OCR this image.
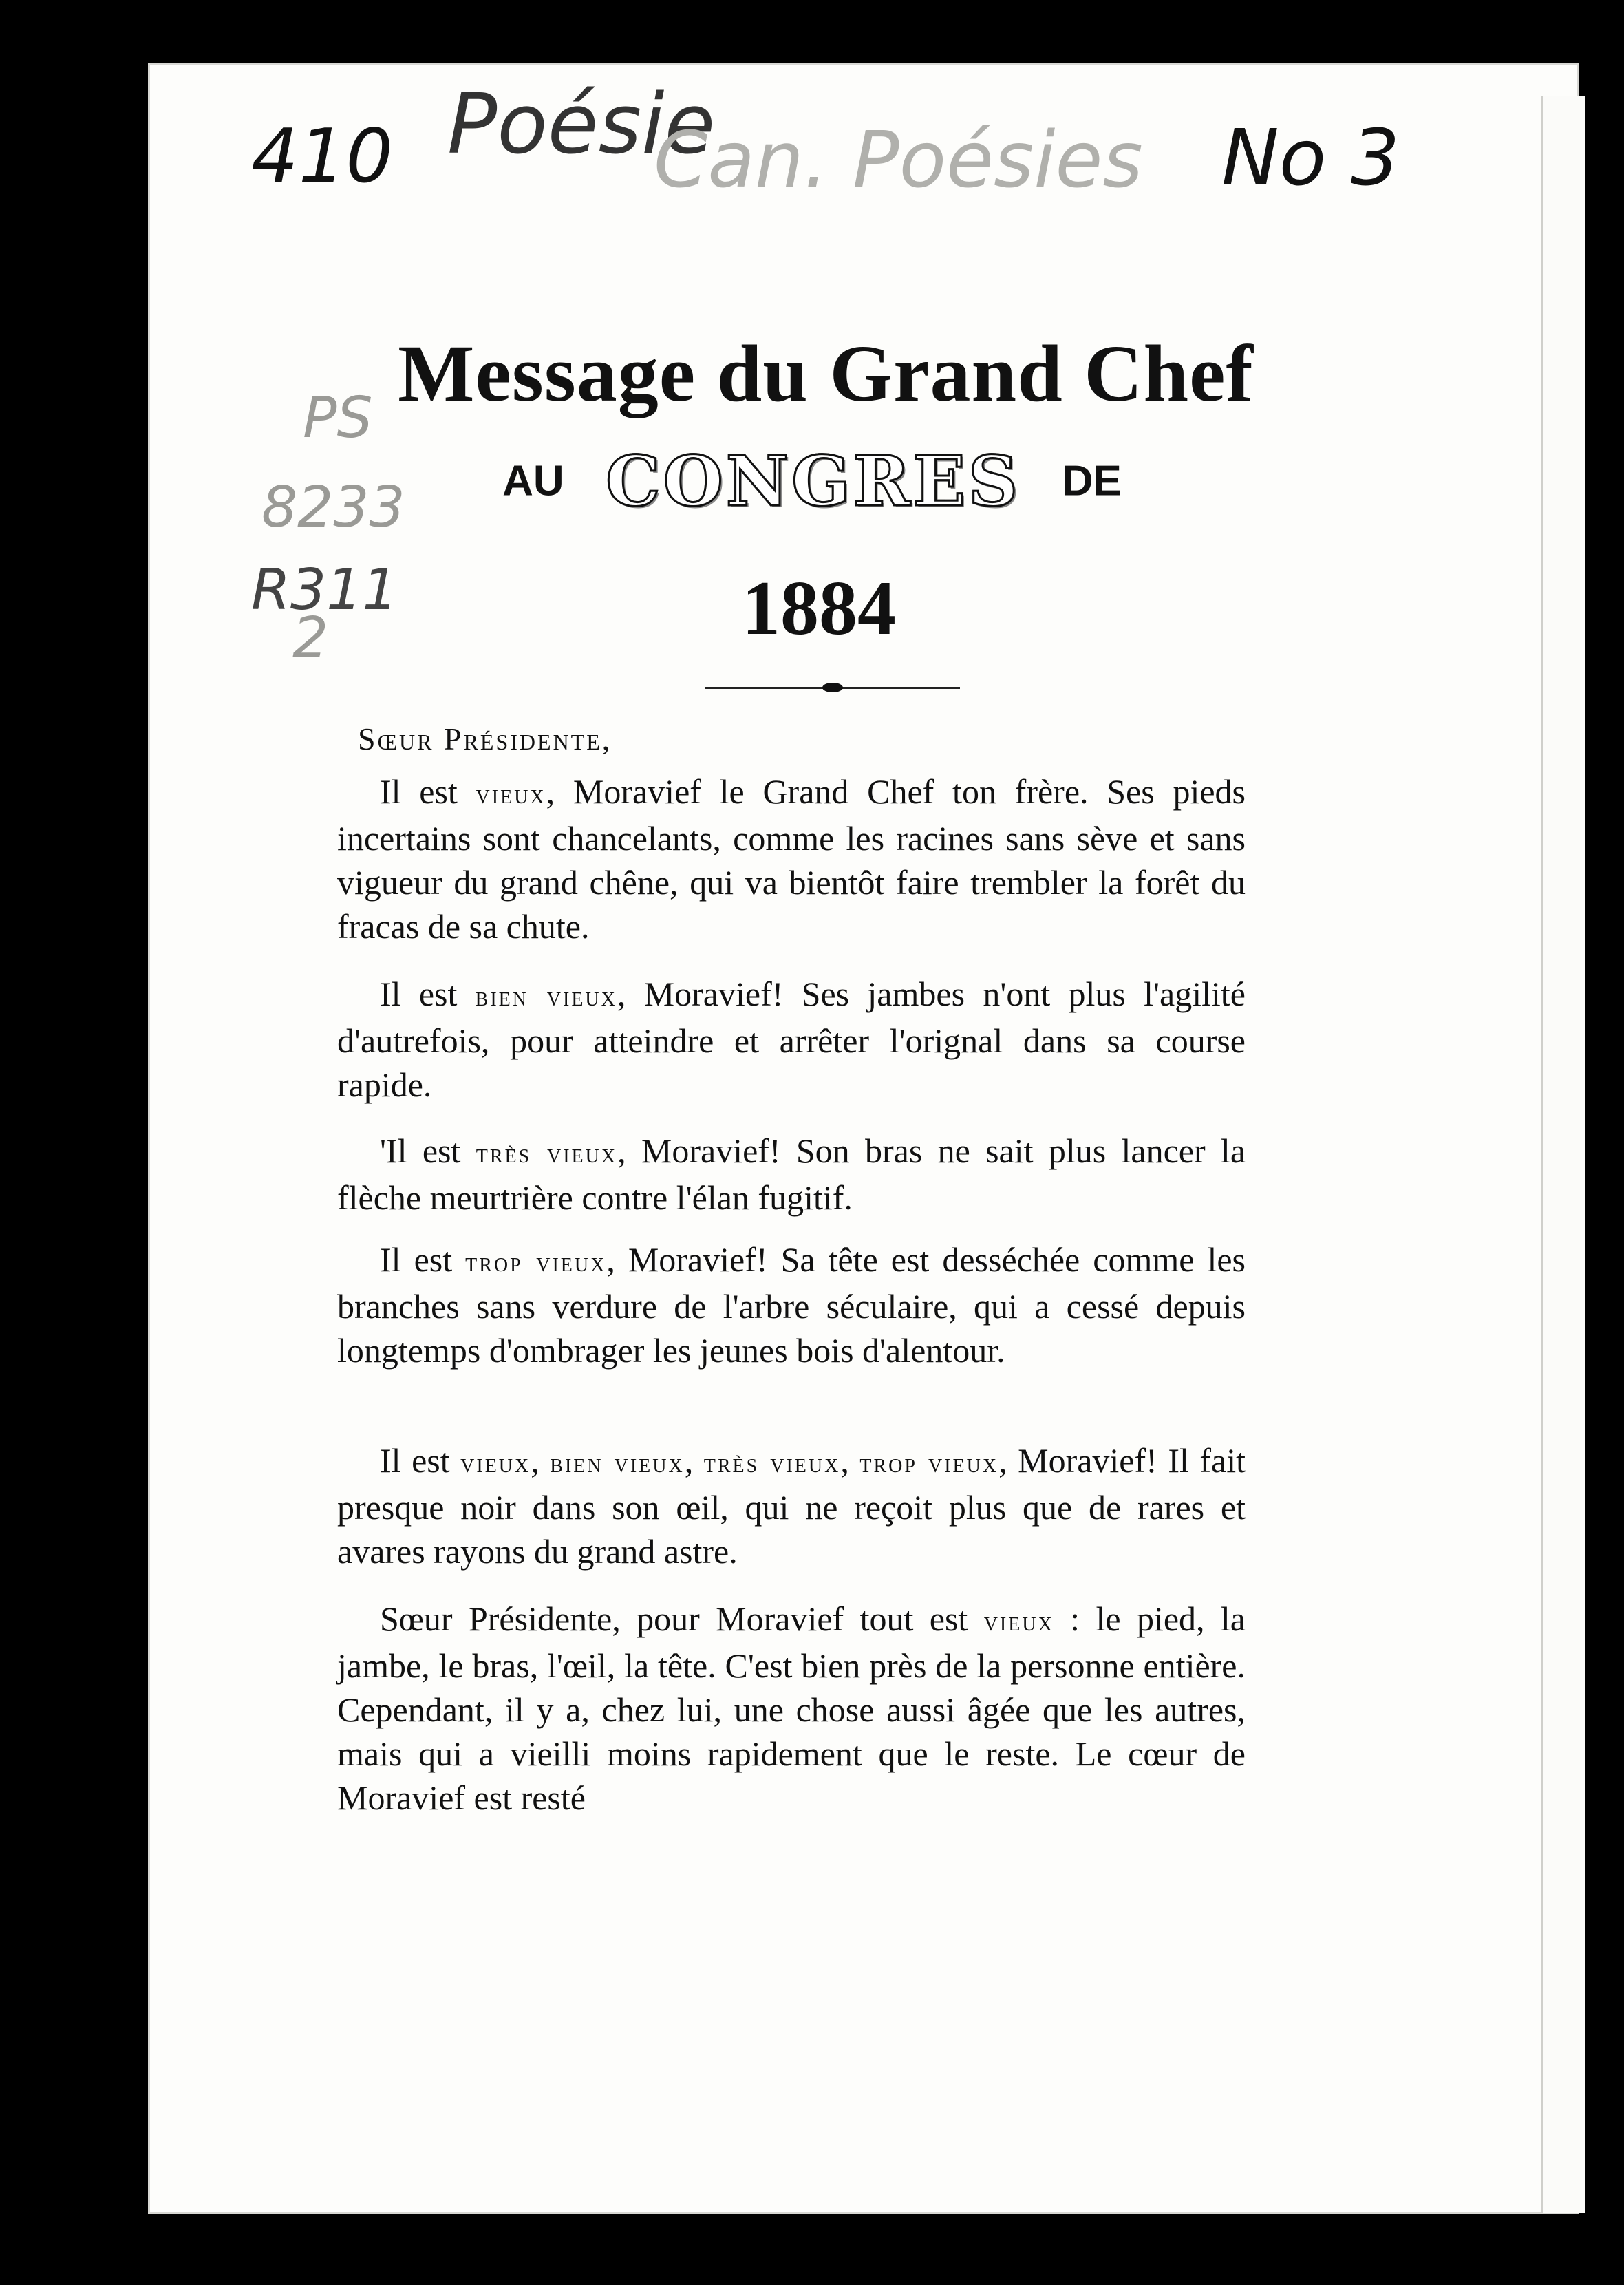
410 Poésie
Can. Poésies No 3
PS
8233
R311
2
Message du Grand Chef
AU CONGRES DE
1884

Sœur Présidente,

Il est vieux, Moravief le Grand Chef ton frère. Ses pieds incertains sont chancelants, comme les racines sans sève et sans vigueur du grand chêne, qui va bientôt faire trembler la forêt du fracas de sa chute.

Il est bien vieux, Moravief! Ses jambes n'ont plus l'agilité d'autrefois, pour atteindre et arrêter l'orignal dans sa course rapide.

'Il est très vieux, Moravief! Son bras ne sait plus lancer la flèche meurtrière contre l'élan fugitif.

Il est trop vieux, Moravief! Sa tête est desséchée comme les branches sans verdure de l'arbre séculaire, qui a cessé depuis longtemps d'ombrager les jeunes bois d'alentour.

Il est vieux, bien vieux, très vieux, trop vieux, Moravief! Il fait presque noir dans son œil, qui ne reçoit plus que de rares et avares rayons du grand astre.

Sœur Présidente, pour Moravief tout est vieux : le pied, la jambe, le bras, l'œil, la tête. C'est bien près de la personne entière. Cependant, il y a, chez lui, une chose aussi âgée que les autres, mais qui a vieilli moins rapidement que le reste. Le cœur de Moravief est resté
